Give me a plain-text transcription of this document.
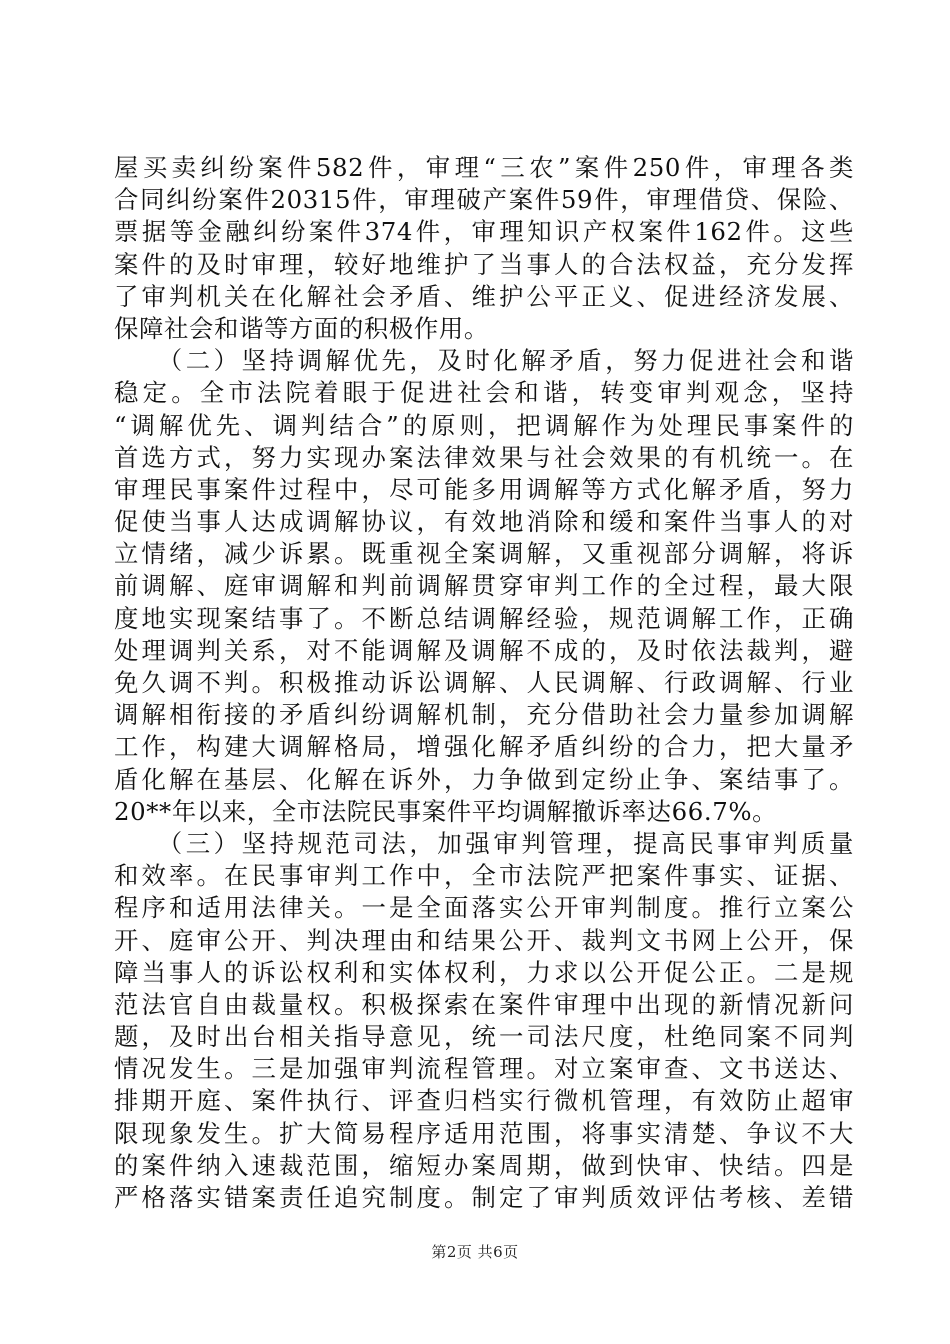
屋买卖纠纷案件582件，审理“三农”案件250件，审理各类
合同纠纷案件20315件，审理破产案件59件，审理借贷、保险、
票据等金融纠纷案件374件，审理知识产权案件162件。这些
案件的及时审理，较好地维护了当事人的合法权益，充分发挥
了审判机关在化解社会矛盾、维护公平正义、促进经济发展、
保障社会和谐等方面的积极作用。
　　（二）坚持调解优先，及时化解矛盾，努力促进社会和谐
稳定。全市法院着眼于促进社会和谐，转变审判观念，坚持
“调解优先、调判结合”的原则，把调解作为处理民事案件的
首选方式，努力实现办案法律效果与社会效果的有机统一。在
审理民事案件过程中，尽可能多用调解等方式化解矛盾，努力
促使当事人达成调解协议，有效地消除和缓和案件当事人的对
立情绪，减少诉累。既重视全案调解，又重视部分调解，将诉
前调解、庭审调解和判前调解贯穿审判工作的全过程，最大限
度地实现案结事了。不断总结调解经验，规范调解工作，正确
处理调判关系，对不能调解及调解不成的，及时依法裁判，避
免久调不判。积极推动诉讼调解、人民调解、行政调解、行业
调解相衔接的矛盾纠纷调解机制，充分借助社会力量参加调解
工作，构建大调解格局，增强化解矛盾纠纷的合力，把大量矛
盾化解在基层、化解在诉外，力争做到定纷止争、案结事了。
20**年以来，全市法院民事案件平均调解撤诉率达66.7%。
　　（三）坚持规范司法，加强审判管理，提高民事审判质量
和效率。在民事审判工作中，全市法院严把案件事实、证据、
程序和适用法律关。一是全面落实公开审判制度。推行立案公
开、庭审公开、判决理由和结果公开、裁判文书网上公开，保
障当事人的诉讼权利和实体权利，力求以公开促公正。二是规
范法官自由裁量权。积极探索在案件审理中出现的新情况新问
题，及时出台相关指导意见，统一司法尺度，杜绝同案不同判
情况发生。三是加强审判流程管理。对立案审查、文书送达、
排期开庭、案件执行、评查归档实行微机管理，有效防止超审
限现象发生。扩大简易程序适用范围，将事实清楚、争议不大
的案件纳入速裁范围，缩短办案周期，做到快审、快结。四是
严格落实错案责任追究制度。制定了审判质效评估考核、差错
第2页 共6页
